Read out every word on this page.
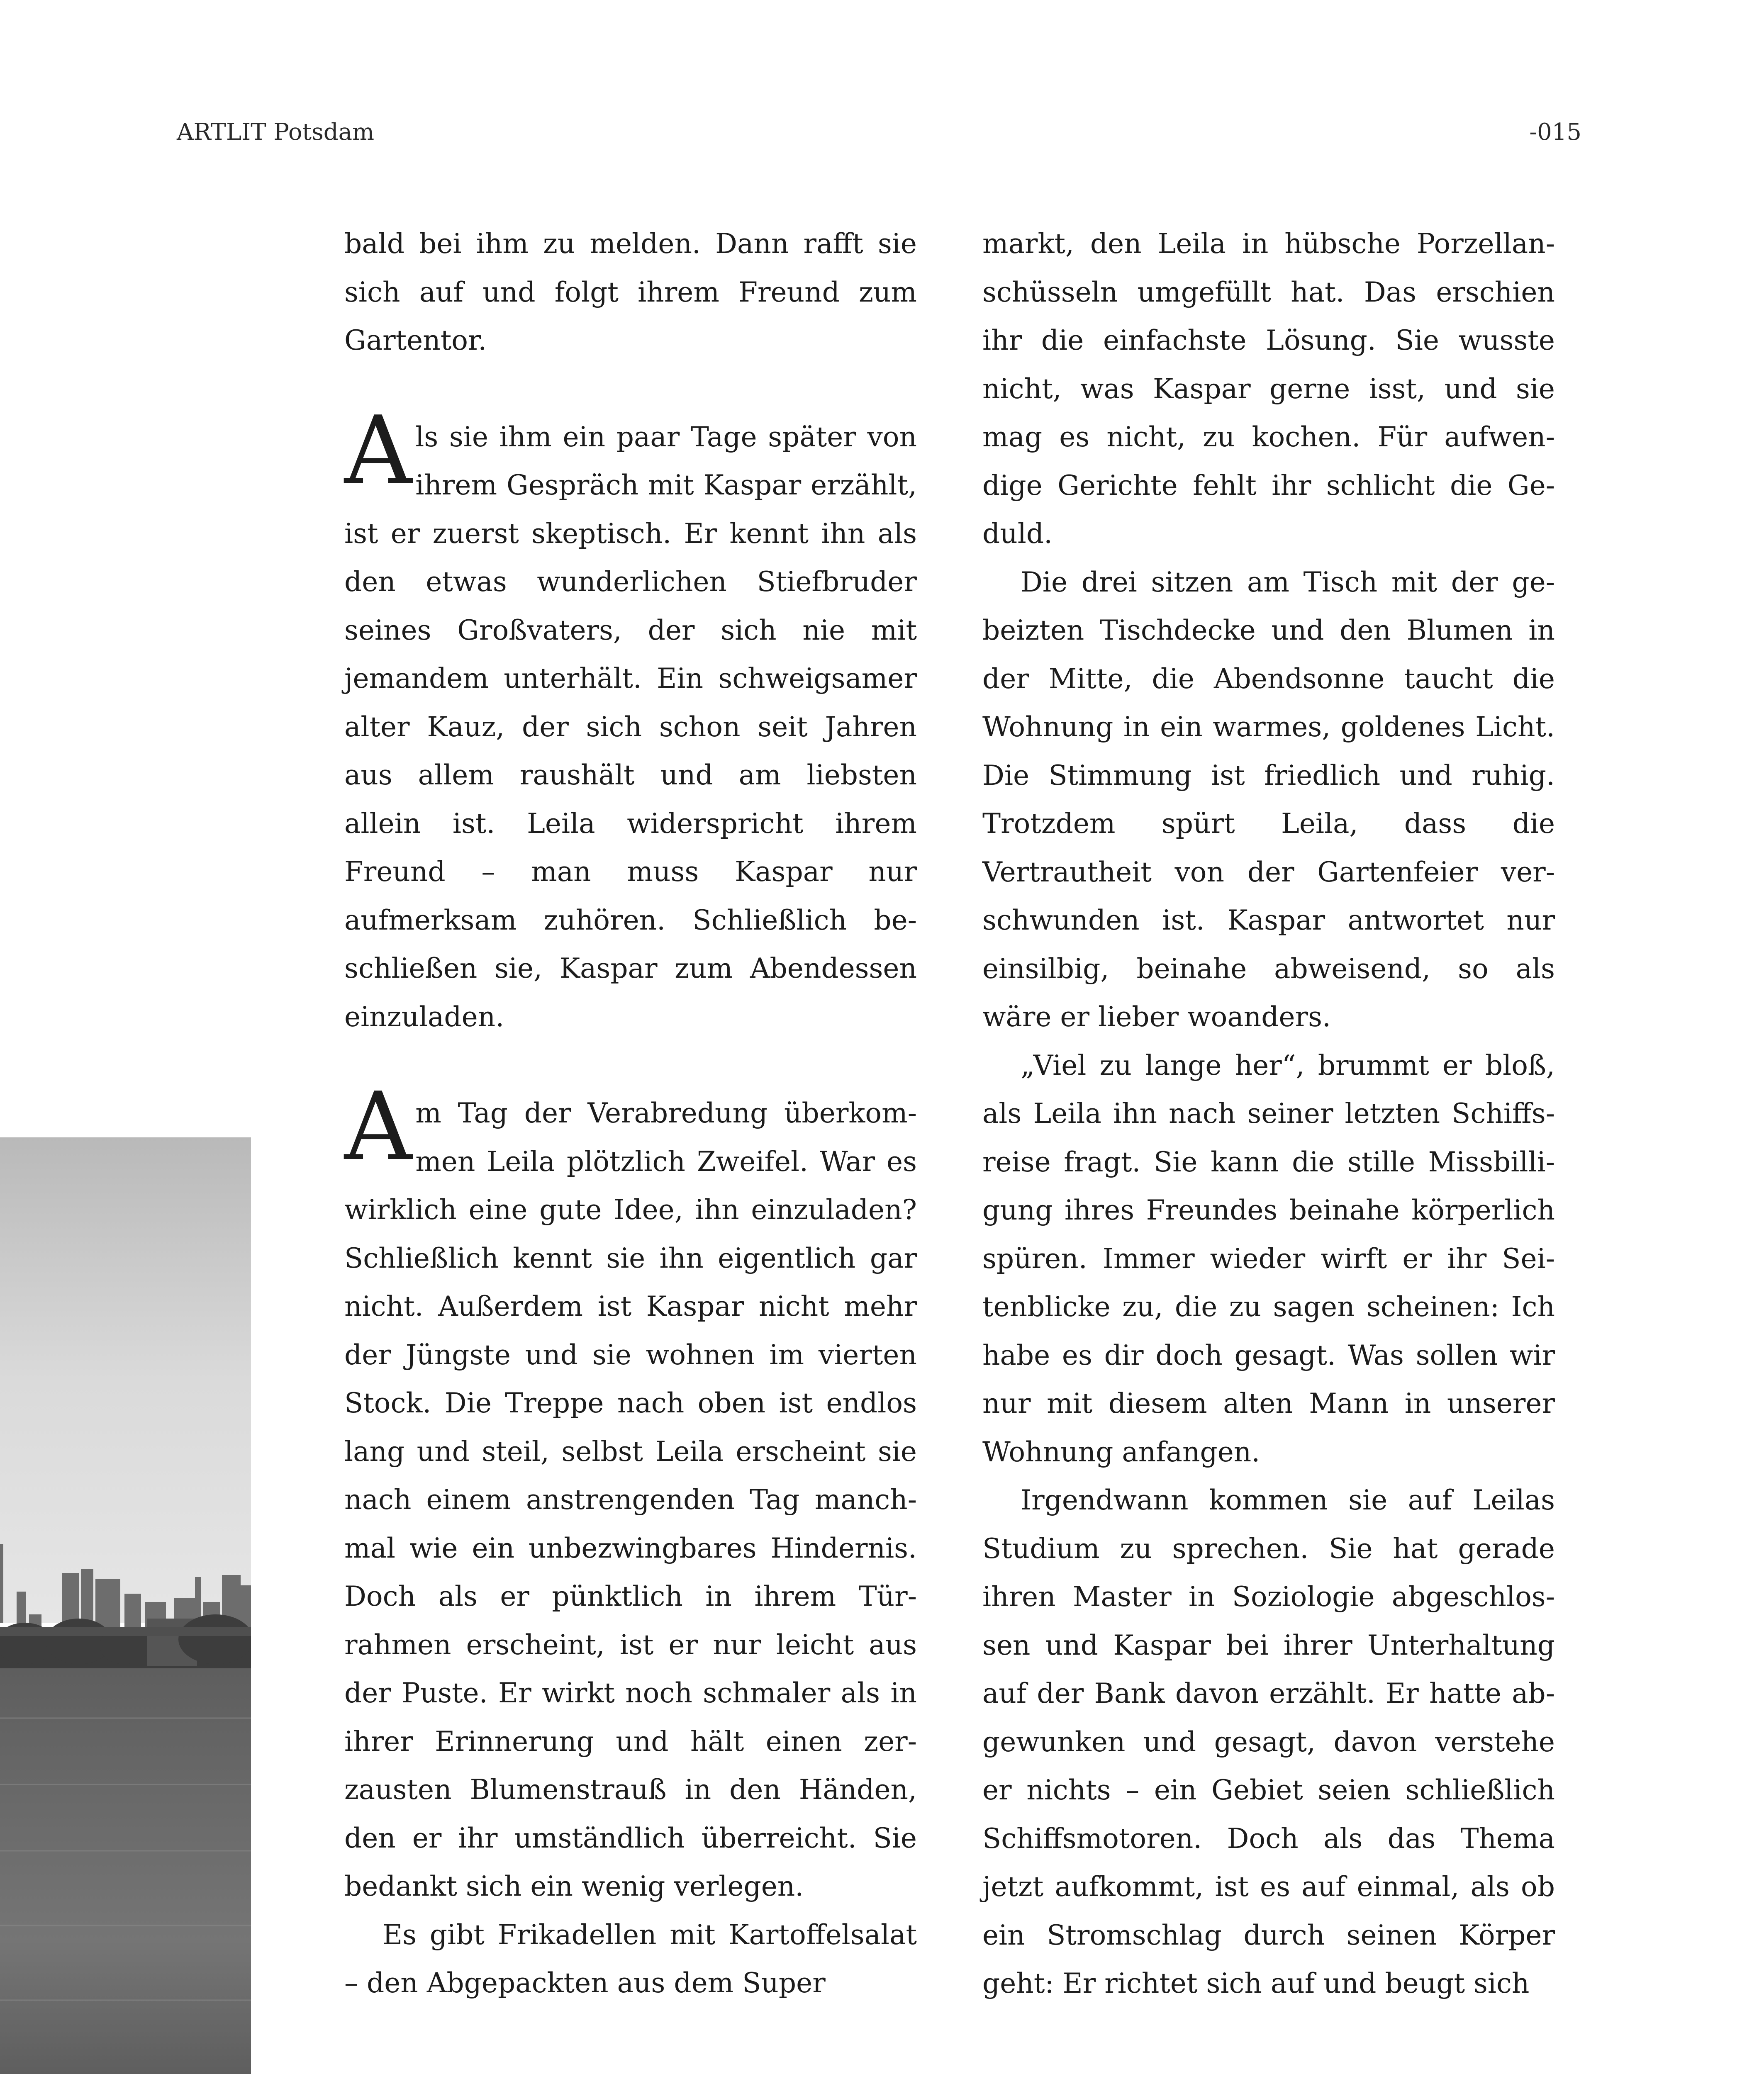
ARTLIT Potsdam	-015

bald bei ihm zu melden. Dann rafft sie sich auf und folgt ihrem Freund zum Gartentor.

Als sie ihm ein paar Tage später von ihrem Gespräch mit Kaspar erzählt, ist er zuerst skeptisch. Er kennt ihn als den etwas wunderlichen Stiefbruder seines Großvaters, der sich nie mit jemandem unterhält. Ein schweigsamer alter Kauz, der sich schon seit Jahren aus allem raushält und am liebsten allein ist. Leila widerspricht ihrem Freund – man muss Kaspar nur aufmerksam zuhören. Schließlich beschließen sie, Kaspar zum Abendessen einzuladen.

Am Tag der Verabredung überkommen Leila plötzlich Zweifel. War es wirklich eine gute Idee, ihn einzuladen? Schließlich kennt sie ihn eigentlich gar nicht. Außerdem ist Kaspar nicht mehr der Jüngste und sie wohnen im vierten Stock. Die Treppe nach oben ist endlos lang und steil, selbst Leila erscheint sie nach einem anstrengenden Tag manchmal wie ein unbezwingbares Hindernis. Doch als er pünktlich in ihrem Türrahmen erscheint, ist er nur leicht aus der Puste. Er wirkt noch schmaler als in ihrer Erinnerung und hält einen zerzausten Blumenstrauß in den Händen, den er ihr umständlich überreicht. Sie bedankt sich ein wenig verlegen.

Es gibt Frikadellen mit Kartoffelsalat – den Abgepackten aus dem Super

markt, den Leila in hübsche Porzellanschüsseln umgefüllt hat. Das erschien ihr die einfachste Lösung. Sie wusste nicht, was Kaspar gerne isst, und sie mag es nicht, zu kochen. Für aufwendige Gerichte fehlt ihr schlicht die Geduld.

Die drei sitzen am Tisch mit der gebeizten Tischdecke und den Blumen in der Mitte, die Abendsonne taucht die Wohnung in ein warmes, goldenes Licht. Die Stimmung ist friedlich und ruhig. Trotzdem spürt Leila, dass die Vertrautheit von der Gartenfeier verschwunden ist. Kaspar antwortet nur einsilbig, beinahe abweisend, so als wäre er lieber woanders.

„Viel zu lange her“, brummt er bloß, als Leila ihn nach seiner letzten Schiffsreise fragt. Sie kann die stille Missbilligung ihres Freundes beinahe körperlich spüren. Immer wieder wirft er ihr Seitenblicke zu, die zu sagen scheinen: Ich habe es dir doch gesagt. Was sollen wir nur mit diesem alten Mann in unserer Wohnung anfangen.

Irgendwann kommen sie auf Leilas Studium zu sprechen. Sie hat gerade ihren Master in Soziologie abgeschlossen und Kaspar bei ihrer Unterhaltung auf der Bank davon erzählt. Er hatte abgewunken und gesagt, davon verstehe er nichts – ein Gebiet seien schließlich Schiffsmotoren. Doch als das Thema jetzt aufkommt, ist es auf einmal, als ob ein Stromschlag durch seinen Körper geht: Er richtet sich auf und beugt sich
